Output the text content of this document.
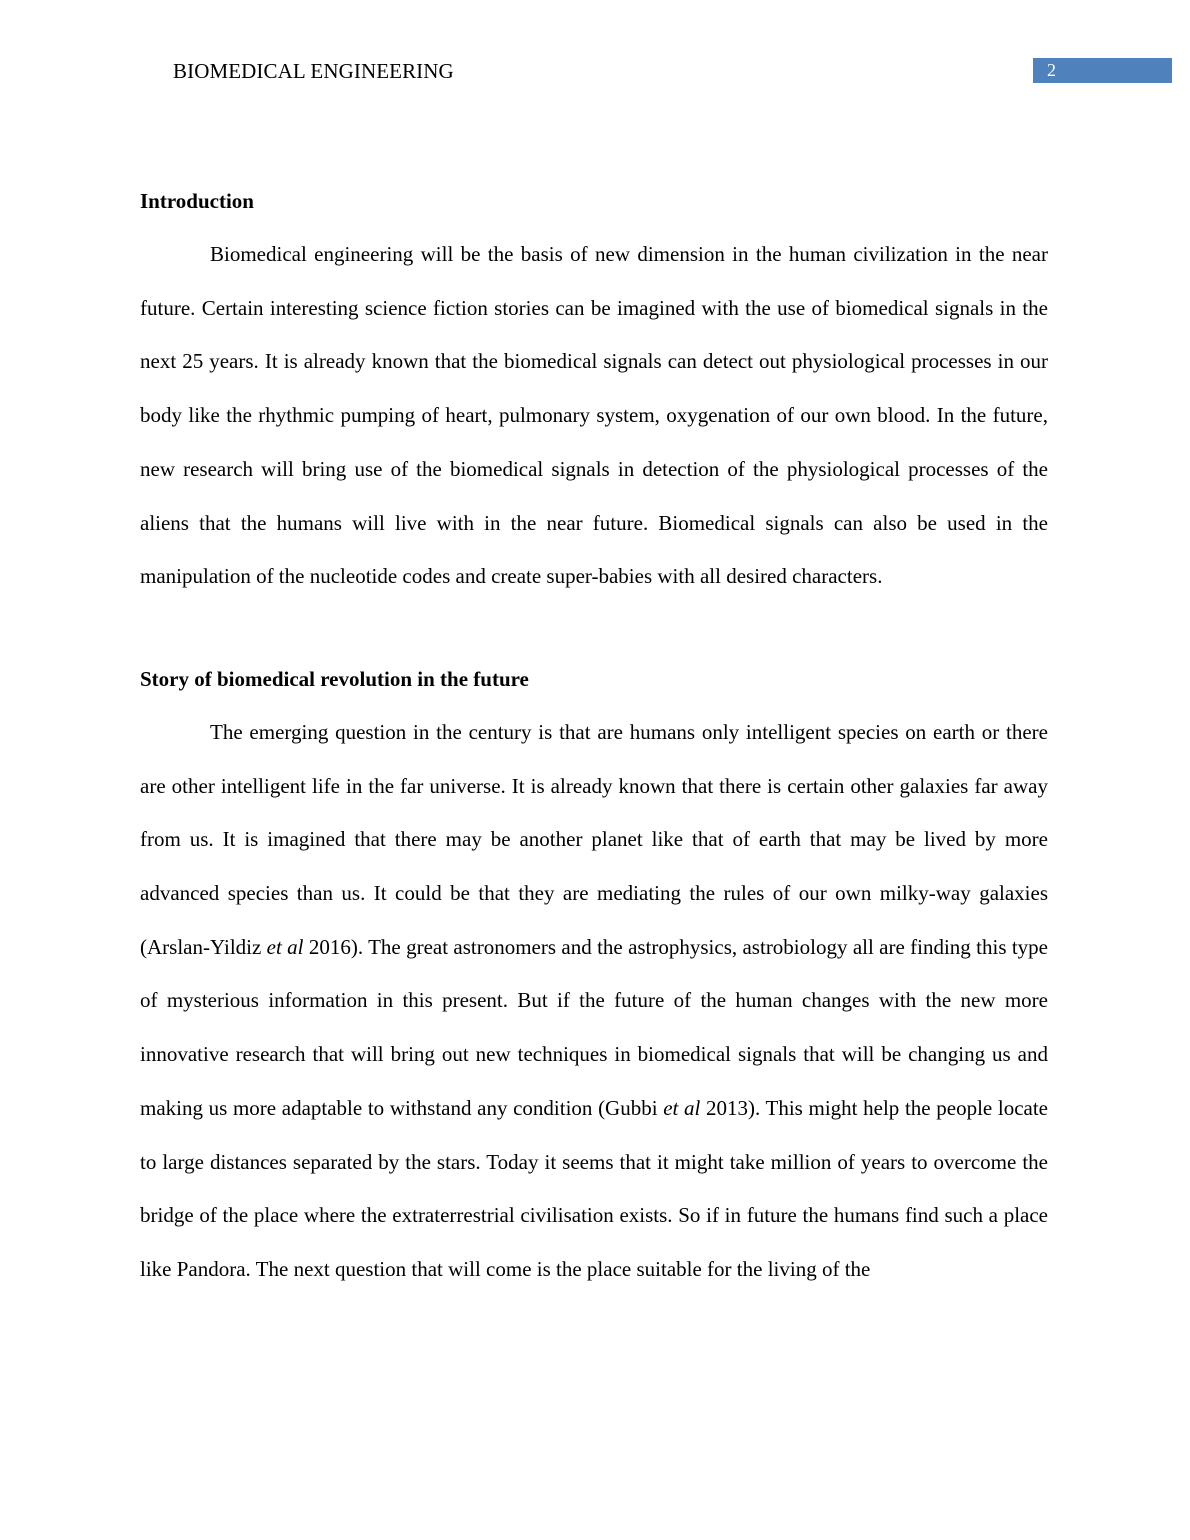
BIOMEDICAL ENGINEERING	2
Introduction

Biomedical engineering will be the basis of new dimension in the human civilization in the near future. Certain interesting science fiction stories can be imagined with the use of biomedical signals in the next 25 years. It is already known that the biomedical signals can detect out physiological processes in our body like the rhythmic pumping of heart, pulmonary system, oxygenation of our own blood. In the future, new research will bring use of the biomedical signals in detection of the physiological processes of the aliens that the humans will live with in the near future. Biomedical signals can also be used in the manipulation of the nucleotide codes and create super-babies with all desired characters.

Story of biomedical revolution in the future

The emerging question in the century is that are humans only intelligent species on earth or there are other intelligent life in the far universe. It is already known that there is certain other galaxies far away from us. It is imagined that there may be another planet like that of earth that may be lived by more advanced species than us. It could be that they are mediating the rules of our own milky-way galaxies (Arslan-Yildiz et al 2016). The great astronomers and the astrophysics, astrobiology all are finding this type of mysterious information in this present. But if the future of the human changes with the new more innovative research that will bring out new techniques in biomedical signals that will be changing us and making us more adaptable to withstand any condition (Gubbi et al 2013). This might help the people locate to large distances separated by the stars. Today it seems that it might take million of years to overcome the bridge of the place where the extraterrestrial civilisation exists. So if in future the humans find such a place like Pandora. The next question that will come is the place suitable for the living of the
